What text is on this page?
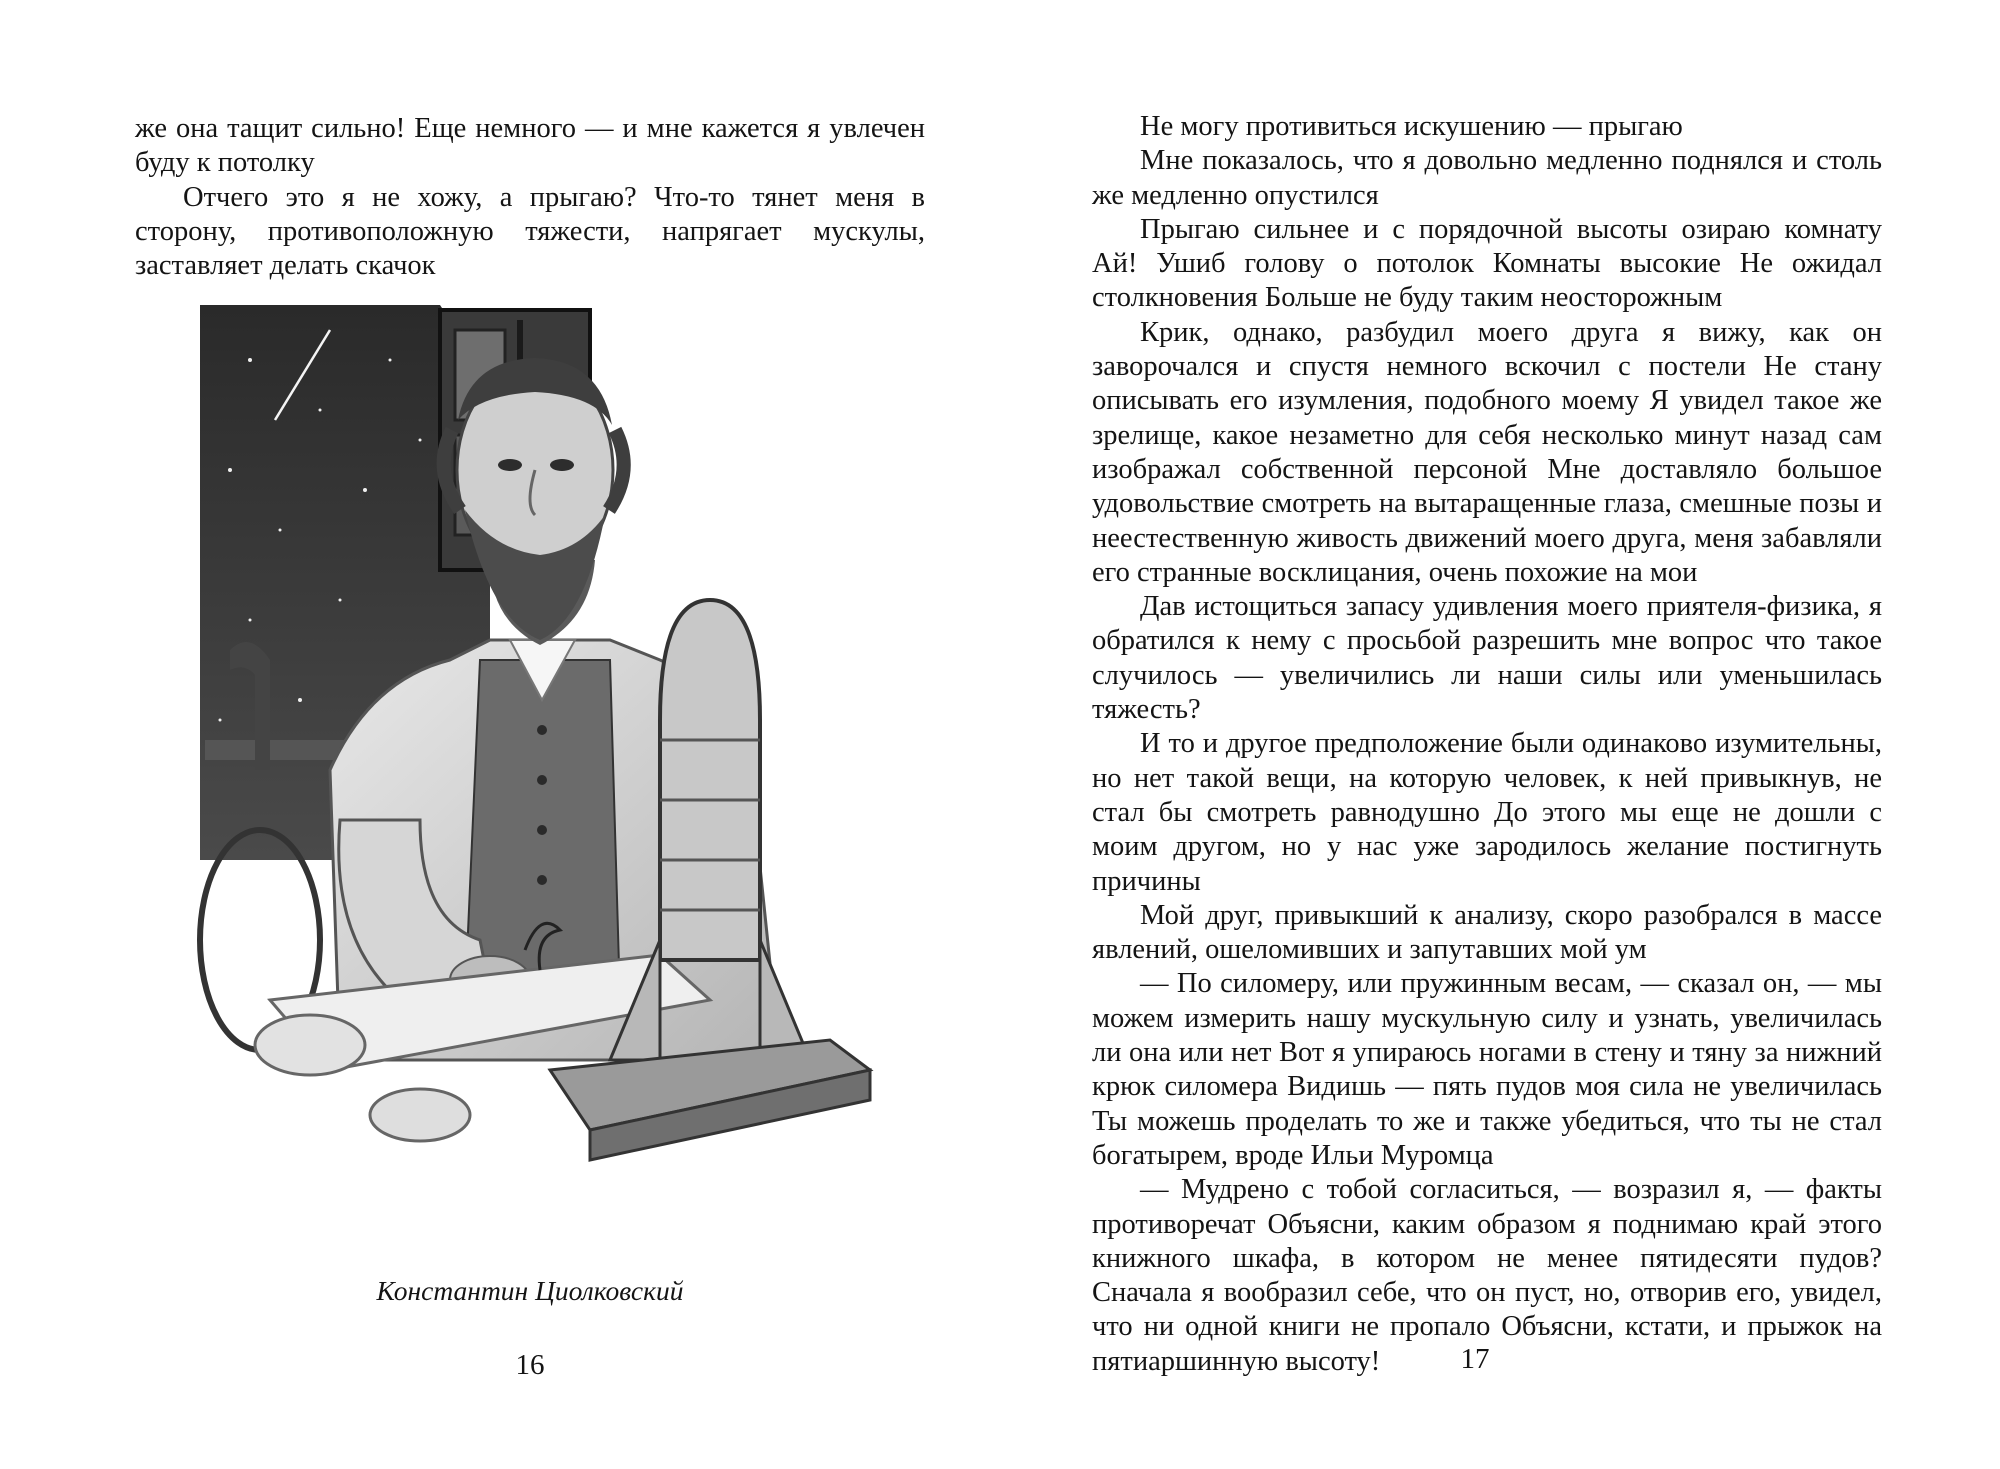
же она тащит сильно! Еще немного — и мне кажется я увлечен буду к потолку

Отчего это я не хожу, а прыгаю? Что-то тянет меня в сторону, противоположную тяжести, напрягает мускулы, заставляет делать скачок

Константин Циолковский
16

Не могу противиться искушению — прыгаю

Мне показалось, что я довольно медленно поднялся и столь же медленно опустился

Прыгаю сильнее и с порядочной высоты озираю комнату Ай! Ушиб голову о потолок Комнаты высокие Не ожидал столкновения Больше не буду таким неосторожным

Крик, однако, разбудил моего друга я вижу, как он заворочался и спустя немного вскочил с постели Не стану описывать его изумления, подобного моему Я увидел такое же зрелище, какое незаметно для себя несколько минут назад сам изображал собственной персоной Мне доставляло большое удовольствие смотреть на вытаращенные глаза, смешные позы и неестественную живость движений моего друга, меня забавляли его странные восклицания, очень похожие на мои

Дав истощиться запасу удивления моего приятеля-физика, я обратился к нему с просьбой разрешить мне вопрос что такое случилось — увеличились ли наши силы или уменьшилась тяжесть?

И то и другое предположение были одинаково изумительны, но нет такой вещи, на которую человек, к ней привыкнув, не стал бы смотреть равнодушно До этого мы еще не дошли с моим другом, но у нас уже зародилось желание постигнуть причины

Мой друг, привыкший к анализу, скоро разобрался в массе явлений, ошеломивших и запутавших мой ум

— По силомеру, или пружинным весам, — сказал он, — мы можем измерить нашу мускульную силу и узнать, увеличилась ли она или нет Вот я упираюсь ногами в стену и тяну за нижний крюк силомера Видишь — пять пудов моя сила не увеличилась Ты можешь проделать то же и также убедиться, что ты не стал богатырем, вроде Ильи Муромца

— Мудрено с тобой согласиться, — возразил я, — факты противоречат Объясни, каким образом я поднимаю край этого книжного шкафа, в котором не менее пятидесяти пудов? Сначала я вообразил себе, что он пуст, но, отворив его, увидел, что ни одной книги не пропало Объясни, кстати, и прыжок на пятиаршинную высоту!	17
